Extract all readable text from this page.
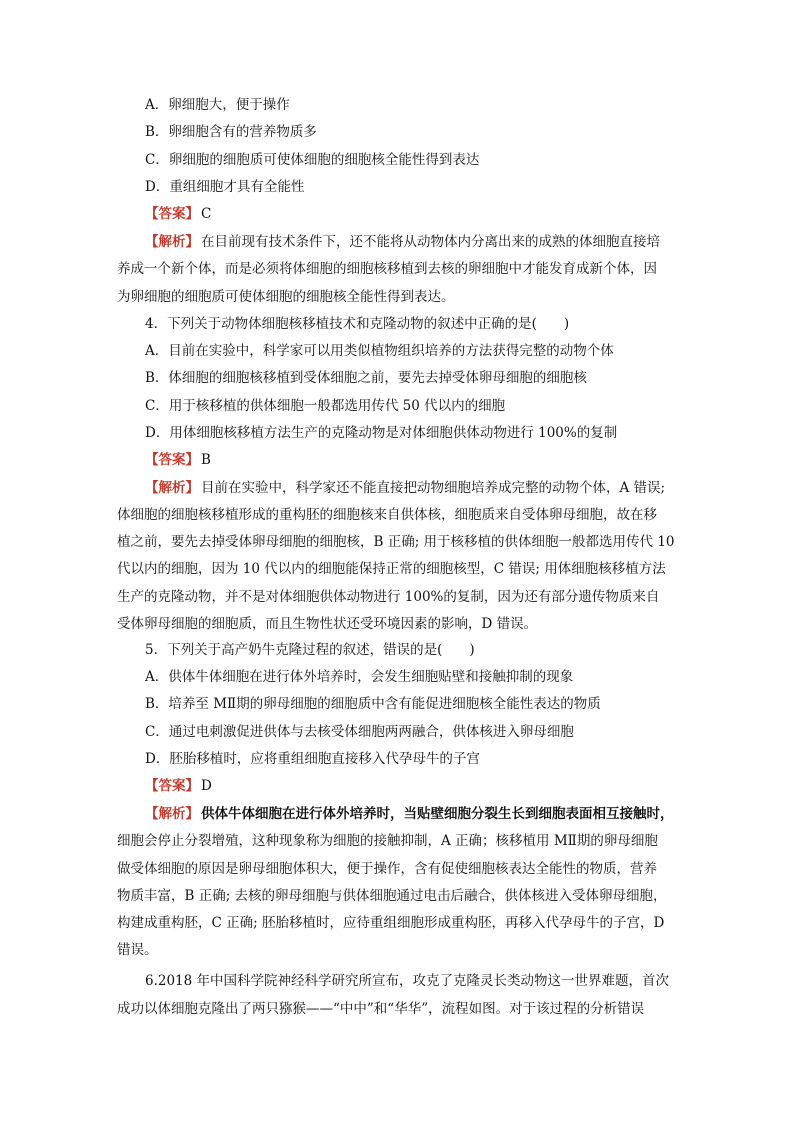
A．卵细胞大，便于操作
B．卵细胞含有的营养物质多
C．卵细胞的细胞质可使体细胞的细胞核全能性得到表达
D．重组细胞才具有全能性
【答案】 C
【解析】 在目前现有技术条件下，还不能将从动物体内分离出来的成熟的体细胞直接培
养成一个新个体，而是必须将体细胞的细胞核移植到去核的卵细胞中才能发育成新个体，因
为卵细胞的细胞质可使体细胞的细胞核全能性得到表达。
4．下列关于动物体细胞核移植技术和克隆动物的叙述中正确的是(　　)
A．目前在实验中，科学家可以用类似植物组织培养的方法获得完整的动物个体
B．体细胞的细胞核移植到受体细胞之前，要先去掉受体卵母细胞的细胞核
C．用于核移植的供体细胞一般都选用传代 50 代以内的细胞
D．用体细胞核移植方法生产的克隆动物是对体细胞供体动物进行 100%的复制
【答案】 B
【解析】 目前在实验中，科学家还不能直接把动物细胞培养成完整的动物个体，A 错误;
体细胞的细胞核移植形成的重构胚的细胞核来自供体核，细胞质来自受体卵母细胞，故在移
植之前，要先去掉受体卵母细胞的细胞核，B 正确; 用于核移植的供体细胞一般都选用传代 10
代以内的细胞，因为 10 代以内的细胞能保持正常的细胞核型，C 错误; 用体细胞核移植方法
生产的克隆动物，并不是对体细胞供体动物进行 100%的复制，因为还有部分遗传物质来自
受体卵母细胞的细胞质，而且生物性状还受环境因素的影响，D 错误。
5．下列关于高产奶牛克隆过程的叙述，错误的是(　　)
A．供体牛体细胞在进行体外培养时，会发生细胞贴壁和接触抑制的现象
B．培养至 MⅡ期的卵母细胞的细胞质中含有能促进细胞核全能性表达的物质
C．通过电刺激促进供体与去核受体细胞两两融合，供体核进入卵母细胞
D．胚胎移植时，应将重组细胞直接移入代孕母牛的子宫
【答案】 D
【解析】 供体牛体细胞在进行体外培养时，当贴壁细胞分裂生长到细胞表面相互接触时，
细胞会停止分裂增殖，这种现象称为细胞的接触抑制，A 正确；核移植用 MⅡ期的卵母细胞
做受体细胞的原因是卵母细胞体积大，便于操作，含有促使细胞核表达全能性的物质，营养
物质丰富，B 正确; 去核的卵母细胞与供体细胞通过电击后融合，供体核进入受体卵母细胞，
构建成重构胚，C 正确; 胚胎移植时，应待重组细胞形成重构胚，再移入代孕母牛的子宫，D
错误。
6.2018 年中国科学院神经科学研究所宣布，攻克了克隆灵长类动物这一世界难题，首次
成功以体细胞克隆出了两只猕猴——“中中”和“华华”，流程如图。对于该过程的分析错误
